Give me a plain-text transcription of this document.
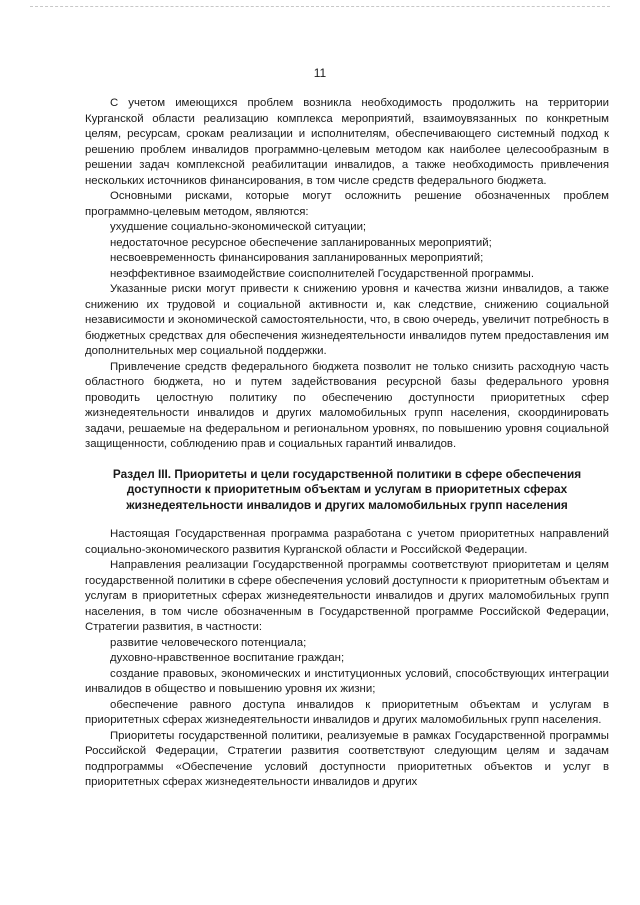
11

С учетом имеющихся проблем возникла необходимость продолжить на территории Курганской области реализацию комплекса мероприятий, взаимоувязанных по конкретным целям, ресурсам, срокам реализации и исполнителям, обеспечивающего системный подход к решению проблем инвалидов программно-целевым методом как наиболее целесообразным в решении задач комплексной реабилитации инвалидов, а также необходимость привлечения нескольких источников финансирования, в том числе средств федерального бюджета.

Основными рисками, которые могут осложнить решение обозначенных проблем программно-целевым методом, являются:

ухудшение социально-экономической ситуации;

недостаточное ресурсное обеспечение запланированных мероприятий;

несвоевременность финансирования запланированных мероприятий;

неэффективное взаимодействие соисполнителей Государственной программы.

Указанные риски могут привести к снижению уровня и качества жизни инвалидов, а также снижению их трудовой и социальной активности и, как следствие, снижению социальной независимости и экономической самостоятельности, что, в свою очередь, увеличит потребность в бюджетных средствах для обеспечения жизнедеятельности инвалидов путем предоставления им дополнительных мер социальной поддержки.

Привлечение средств федерального бюджета позволит не только снизить расходную часть областного бюджета, но и путем задействования ресурсной базы федерального уровня проводить целостную политику по обеспечению доступности приоритетных сфер жизнедеятельности инвалидов и других маломобильных групп населения, скоординировать задачи, решаемые на федеральном и региональном уровнях, по повышению уровня социальной защищенности, соблюдению прав и социальных гарантий инвалидов.

Раздел III. Приоритеты и цели государственной политики в сфере обеспечения доступности к приоритетным объектам и услугам в приоритетных сферах жизнедеятельности инвалидов и других маломобильных групп населения

Настоящая Государственная программа разработана с учетом приоритетных направлений социально-экономического развития Курганской области и Российской Федерации.

Направления реализации Государственной программы соответствуют приоритетам и целям государственной политики в сфере обеспечения условий доступности к приоритетным объектам и услугам в приоритетных сферах жизнедеятельности инвалидов и других маломобильных групп населения, в том числе обозначенным в Государственной программе Российской Федерации, Стратегии развития, в частности:

развитие человеческого потенциала;

духовно-нравственное воспитание граждан;

создание правовых, экономических и институционных условий, способствующих интеграции инвалидов в общество и повышению уровня их жизни;

обеспечение равного доступа инвалидов к приоритетным объектам и услугам в приоритетных сферах жизнедеятельности инвалидов и других маломобильных групп населения.

Приоритеты государственной политики, реализуемые в рамках Государственной программы Российской Федерации, Стратегии развития соответствуют следующим целям и задачам подпрограммы «Обеспечение условий доступности приоритетных объектов и услуг в приоритетных сферах жизнедеятельности инвалидов и других
